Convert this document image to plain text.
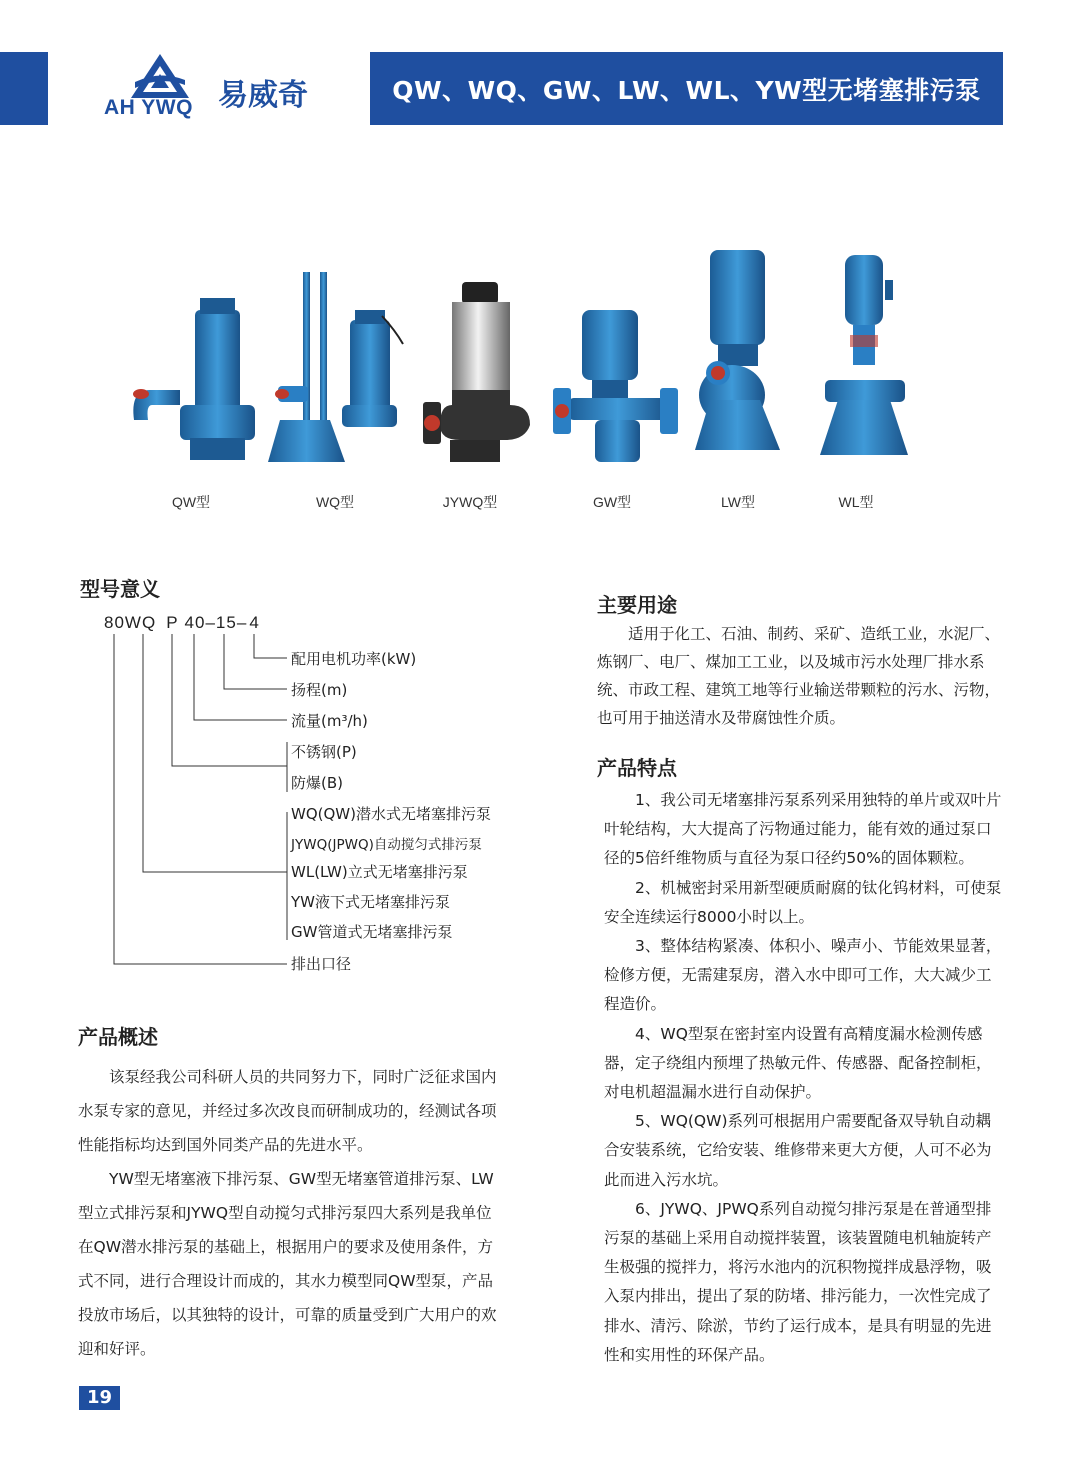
AH YWQ 易威奇	QW、WQ、GW、LW、WL、YW型无堵塞排污泵
QW型	WQ型	JYWQ型	GW型	LW型	WL型
型号意义
80WQ P 40–15– 4
配用电机功率(kW)
扬程(m)
流量(m³/h)
不锈钢(P)
防爆(B)
WQ(QW)潜水式无堵塞排污泵
JYWQ(JPWQ)自动搅匀式排污泵
WL(LW)立式无堵塞排污泵
YW液下式无堵塞排污泵
GW管道式无堵塞排污泵
排出口径
产品概述

该泵经我公司科研人员的共同努力下，同时广泛征求国内水泵专家的意见，并经过多次改良而研制成功的，经测试各项性能指标均达到国外同类产品的先进水平。

YW型无堵塞液下排污泵、GW型无堵塞管道排污泵、LW型立式排污泵和JYWQ型自动搅匀式排污泵四大系列是我单位在QW潜水排污泵的基础上，根据用户的要求及使用条件，方式不同，进行合理设计而成的，其水力模型同QW型泵，产品投放市场后，以其独特的设计，可靠的质量受到广大用户的欢迎和好评。

主要用途

适用于化工、石油、制药、采矿、造纸工业，水泥厂、炼钢厂、电厂、煤加工工业，以及城市污水处理厂排水系统、市政工程、建筑工地等行业输送带颗粒的污水、污物，也可用于抽送清水及带腐蚀性介质。

产品特点

1、我公司无堵塞排污泵系列采用独特的单片或双叶片叶轮结构，大大提高了污物通过能力，能有效的通过泵口径的5倍纤维物质与直径为泵口径约50%的固体颗粒。

2、机械密封采用新型硬质耐腐的钛化钨材料，可使泵安全连续运行8000小时以上。

3、整体结构紧凑、体积小、噪声小、节能效果显著，检修方便，无需建泵房，潜入水中即可工作，大大减少工程造价。

4、WQ型泵在密封室内设置有高精度漏水检测传感器，定子绕组内预埋了热敏元件、传感器、配备控制柜，对电机超温漏水进行自动保护。

5、WQ(QW)系列可根据用户需要配备双导轨自动耦合安装系统，它给安装、维修带来更大方便，人可不必为此而进入污水坑。

6、JYWQ、JPWQ系列自动搅匀排污泵是在普通型排污泵的基础上采用自动搅拌装置，该装置随电机轴旋转产生极强的搅拌力，将污水池内的沉积物搅拌成悬浮物，吸入泵内排出，提出了泵的防堵、排污能力，一次性完成了排水、清污、除淤，节约了运行成本，是具有明显的先进性和实用性的环保产品。

19
